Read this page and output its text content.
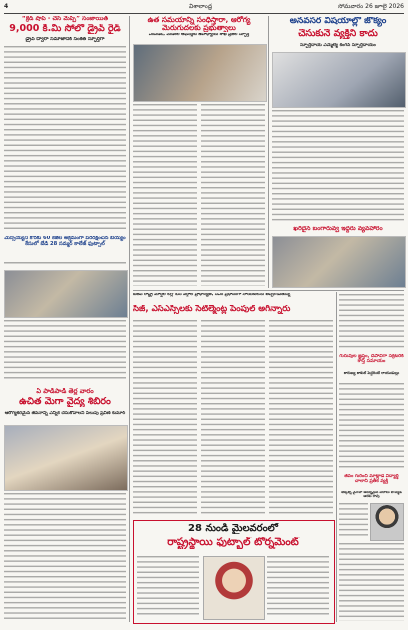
4	విశాలాంధ్ర	సోమవారం 26 జూలై 2026
“క్రెడ్ షాప్ - చేసి మెప్పి” సంజాయిత్
9,000 కి.మీ సోలో డ్రైవ్ రైడ్
డ్రైవ్ ద్వారా సమాజానికి సంకేత స్ఫూర్తిగా
మెస్సయ్యని కొరకు 60 కేజీల అక్రమంగా పరిరక్షించిన బియ్యం కేసులో బేడి 28 సమ్మర్ కాలేజ్ ఫుట్సాల్
ఏ పాడిపాడి తెర్ల వారం
ఉచిత మెగా వైద్య శిబిరం
ఆరోగ్యకరమైన జీవనాన్ని ఎన్నిక చేసుకోవాలని పిలుపు ప్రవీణ్ కుమార్
ఉత సమయాన్ని సంధిస్తారా, ఆరోగ్య మెరుగుదలకు ప్రభుత్వాలు
ఎంపీడీఓ, మెడికల్ ఆఫీసర్లకు ఉపాధ్యాయ శాఖ ప్రజల స్ఫూర్తి
అనవసర విషయాల్లో జోక్యం
చేసుకునే వ్యక్తిని కాదు
స్ఫూర్తిదాయ ఎమ్మెల్యే కంగన్ స్ఫూర్తిదాయం
ఖరీదైన బంగారువ్వ ఇద్దరు వ్యవహారం
బీజేపీ రాష్ట్ర మార్షల్ లీగ్లో బీసీ వర్గాల ప్రాధాన్యత, సీఎం ప్రధానంగా నాయకులను తిప్పికొడుతున్న
సీజ్, ఎస్ఎస్సీలకు సెటిల్మెంట్ల పెంపుల్ అగిన్నారు
గురువుల జ్ఞప్తేం, దీపావిగా సెక్రటరీకి కాస్త సమాయం
కారుణ్య కాకుల్ పెద్దరింటి రాయుడుల్లు
జీవం గురించి మాట్లాడే విద్యార్థి చాలాని ప్రతీక వ్యక్తి
టెక్కెట్ని నైనోహి ఆదర్శమైన పదాలు బొమ్మిడి ఆరకు రావు
28 నుండి మైలవరంలో
రాష్ట్రస్థాయి ఫుట్బాల్ టోర్నమెంట్
